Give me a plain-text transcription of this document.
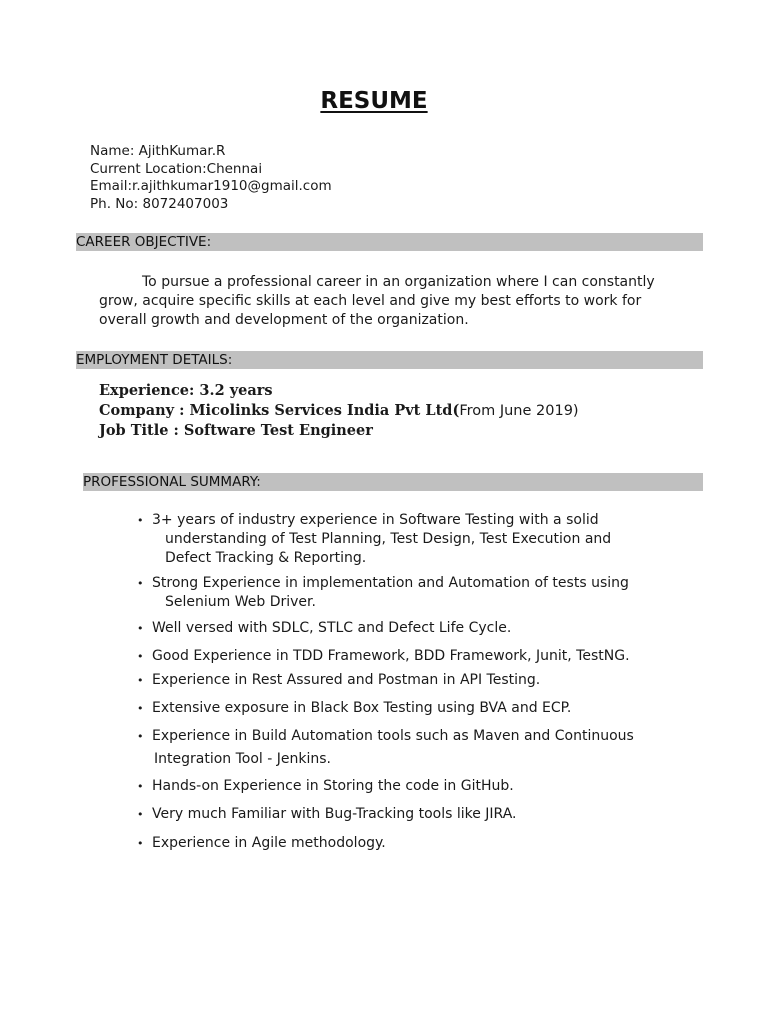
RESUME
Name: AjithKumar.R
Current Location:Chennai
Email:r.ajithkumar1910@gmail.com
Ph. No: 8072407003
CAREER OBJECTIVE:
To pursue a professional career in an organization where I can constantly grow, acquire specific skills at each level and give my best efforts to work for overall growth and development of the organization.
EMPLOYMENT DETAILS:
Experience: 3.2 years
Company : Micolinks Services India Pvt Ltd(From June 2019)
Job Title : Software Test Engineer
PROFESSIONAL SUMMARY:
• 3+ years of industry experience in Software Testing with a solid
understanding of Test Planning, Test Design, Test Execution and
Defect Tracking & Reporting.
• Strong Experience in implementation and Automation of tests using
Selenium Web Driver.
• Well versed with SDLC, STLC and Defect Life Cycle.
• Good Experience in TDD Framework, BDD Framework, Junit, TestNG.
• Experience in Rest Assured and Postman in API Testing.
• Extensive exposure in Black Box Testing using BVA and ECP.
• Experience in Build Automation tools such as Maven and Continuous
Integration Tool - Jenkins.
• Hands-on Experience in Storing the code in GitHub.
• Very much Familiar with Bug-Tracking tools like JIRA.
• Experience in Agile methodology.
